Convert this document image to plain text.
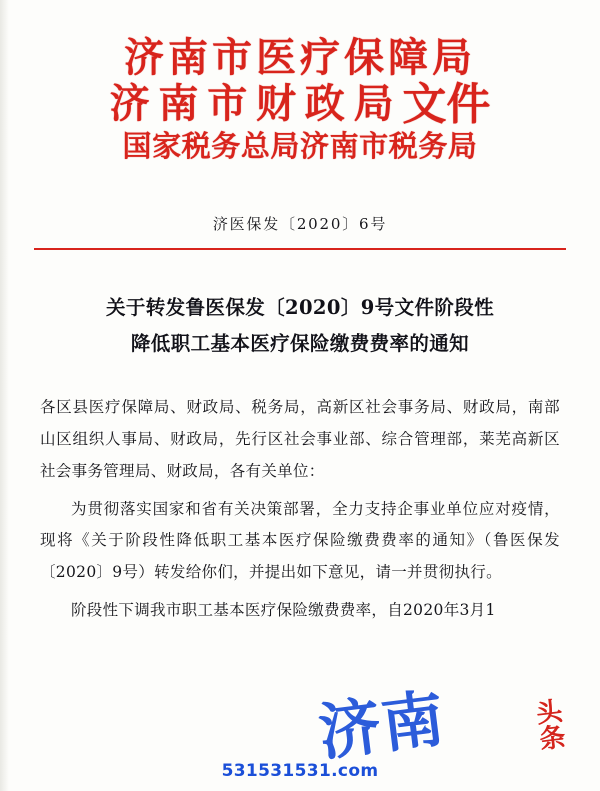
济南市医疗保障局
济南市财政局文件
国家税务总局济南市税务局
济医保发〔2020〕6号
关于转发鲁医保发〔2020〕9号文件阶段性
降低职工基本医疗保险缴费费率的通知

各区县医疗保障局、财政局、税务局，高新区社会事务局、财政局，南部山区组织人事局、财政局，先行区社会事业部、综合管理部，莱芜高新区社会事务管理局、财政局，各有关单位：

为贯彻落实国家和省有关决策部署，全力支持企事业单位应对疫情，现将《关于阶段性降低职工基本医疗保险缴费费率的通知》（鲁医保发〔2020〕9号）转发给你们，并提出如下意见，请一并贯彻执行。

阶段性下调我市职工基本医疗保险缴费费率，自2020年3月1

济南	头
条
531531531.com
